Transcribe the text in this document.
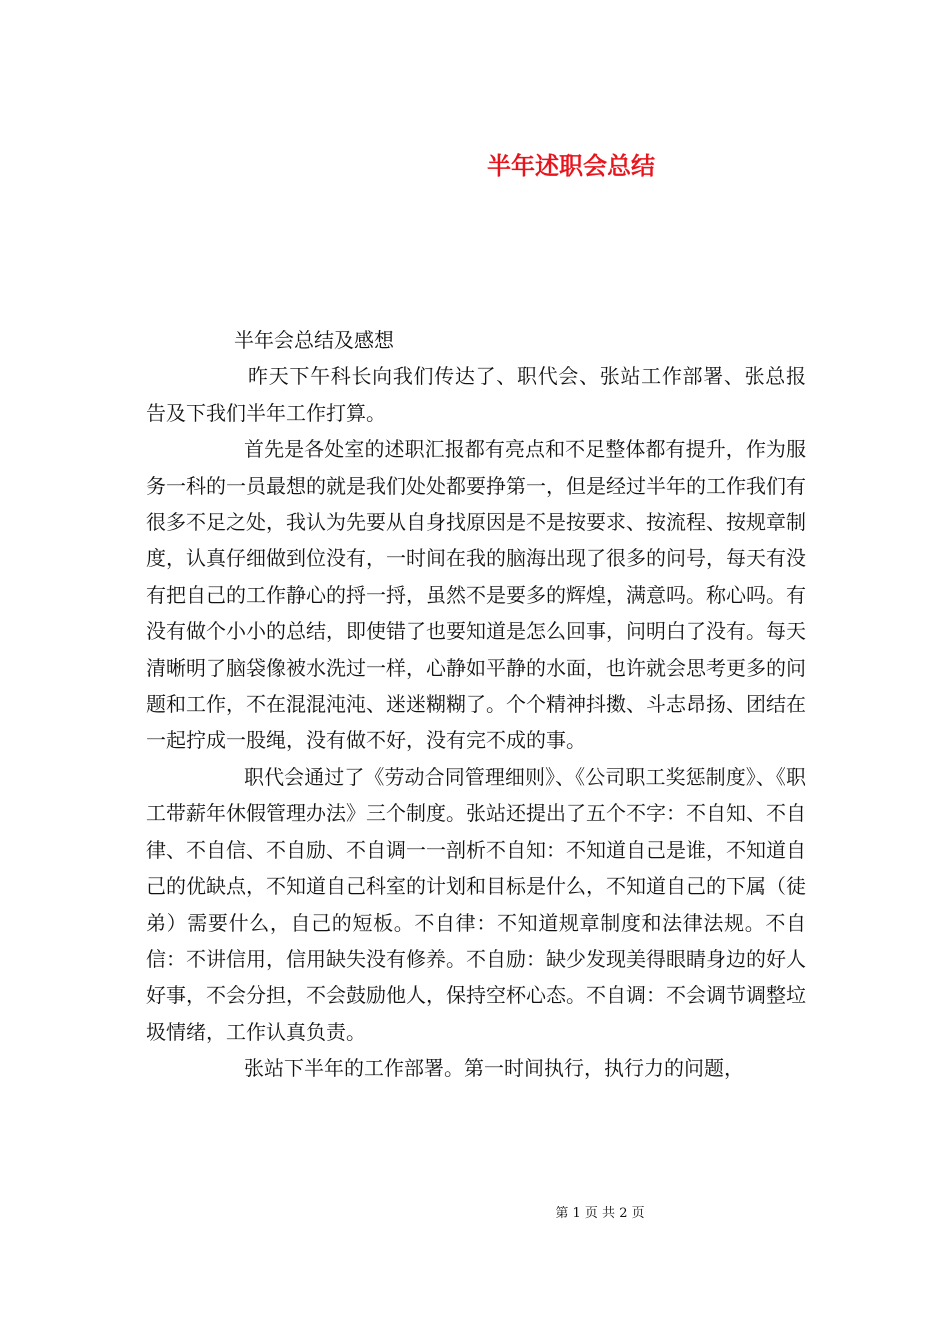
半年述职会总结

半年会总结及感想

昨天下午科长向我们传达了、职代会、张站工作部署、张总报告及下我们半年工作打算。

首先是各处室的述职汇报都有亮点和不足整体都有提升，作为服务一科的一员最想的就是我们处处都要挣第一，但是经过半年的工作我们有很多不足之处，我认为先要从自身找原因是不是按要求、按流程、按规章制度，认真仔细做到位没有，一时间在我的脑海出现了很多的问号，每天有没有把自己的工作静心的捋一捋，虽然不是要多的辉煌，满意吗。称心吗。有没有做个小小的总结，即使错了也要知道是怎么回事，问明白了没有。每天清晰明了脑袋像被水洗过一样，心静如平静的水面，也许就会思考更多的问题和工作，不在混混沌沌、迷迷糊糊了。个个精神抖擞、斗志昂扬、团结在一起拧成一股绳，没有做不好，没有完不成的事。

职代会通过了《劳动合同管理细则》、《公司职工奖惩制度》、《职工带薪年休假管理办法》三个制度。张站还提出了五个不字：不自知、不自律、不自信、不自励、不自调一一剖析不自知：不知道自己是谁，不知道自己的优缺点，不知道自己科室的计划和目标是什么，不知道自己的下属（徒弟）需要什么，自己的短板。不自律：不知道规章制度和法律法规。不自信：不讲信用，信用缺失没有修养。不自励：缺少发现美得眼睛身边的好人好事，不会分担，不会鼓励他人，保持空杯心态。不自调：不会调节调整垃圾情绪，工作认真负责。

张站下半年的工作部署。第一时间执行，执行力的问题，

第 1 页 共 2 页
